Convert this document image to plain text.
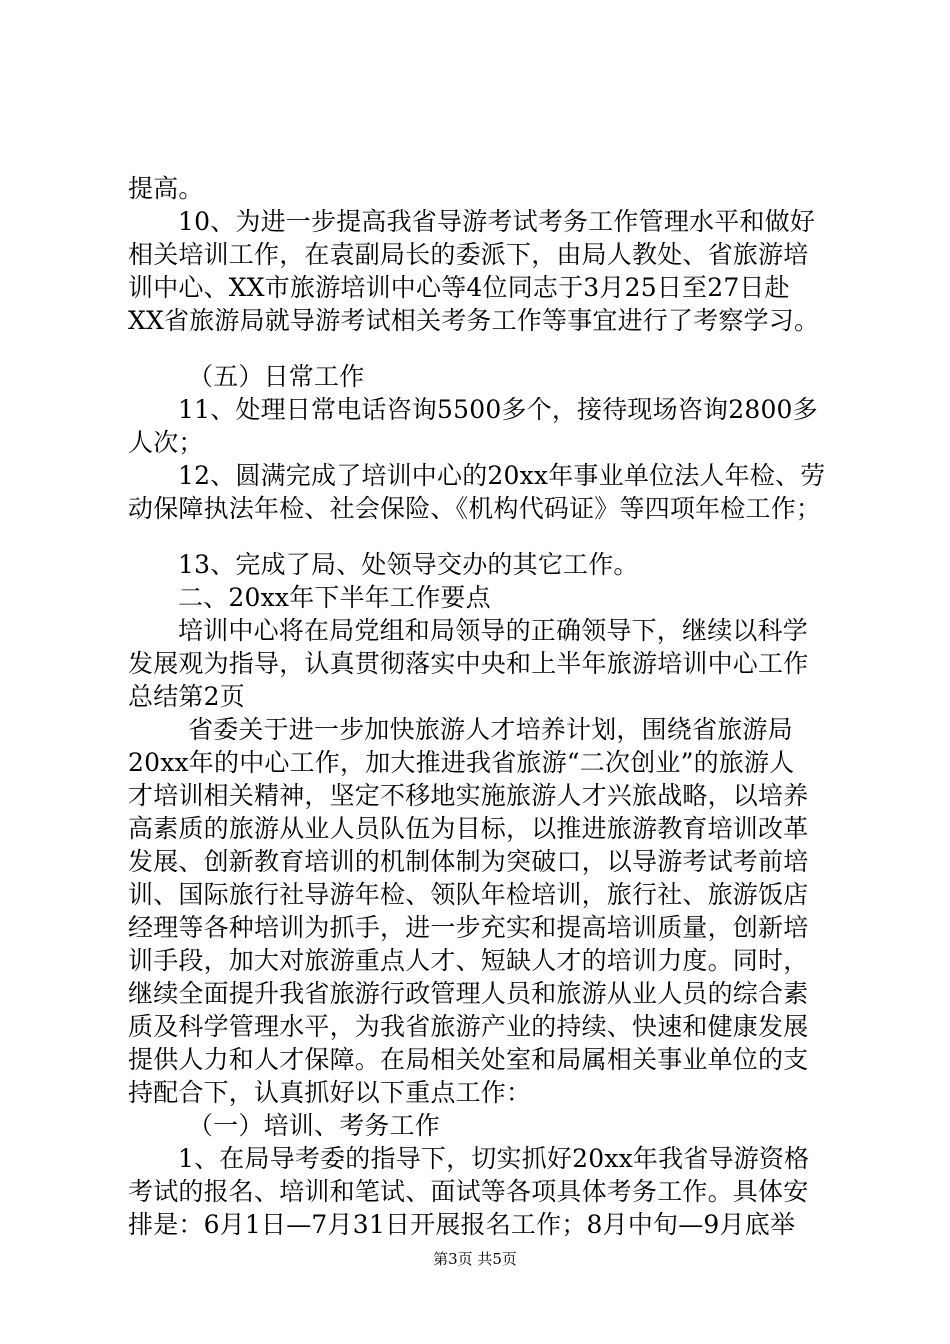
提高。
10、为进一步提高我省导游考试考务工作管理水平和做好
相关培训工作，在袁副局长的委派下，由局人教处、省旅游培
训中心、XX市旅游培训中心等4位同志于3月25日至27日赴
XX省旅游局就导游考试相关考务工作等事宜进行了考察学习。
（五）日常工作
11、处理日常电话咨询5500多个，接待现场咨询2800多
人次；
12、圆满完成了培训中心的20xx年事业单位法人年检、劳
动保障执法年检、社会保险、《机构代码证》等四项年检工作；
13、完成了局、处领导交办的其它工作。
二、20xx年下半年工作要点
培训中心将在局党组和局领导的正确领导下，继续以科学
发展观为指导，认真贯彻落实中央和上半年旅游培训中心工作
总结第2页
省委关于进一步加快旅游人才培养计划，围绕省旅游局
20xx年的中心工作，加大推进我省旅游“二次创业”的旅游人
才培训相关精神，坚定不移地实施旅游人才兴旅战略，以培养
高素质的旅游从业人员队伍为目标，以推进旅游教育培训改革
发展、创新教育培训的机制体制为突破口，以导游考试考前培
训、国际旅行社导游年检、领队年检培训，旅行社、旅游饭店
经理等各种培训为抓手，进一步充实和提高培训质量，创新培
训手段，加大对旅游重点人才、短缺人才的培训力度。同时，
继续全面提升我省旅游行政管理人员和旅游从业人员的综合素
质及科学管理水平，为我省旅游产业的持续、快速和健康发展
提供人力和人才保障。在局相关处室和局属相关事业单位的支
持配合下，认真抓好以下重点工作：
（一）培训、考务工作
1、在局导考委的指导下，切实抓好20xx年我省导游资格
考试的报名、培训和笔试、面试等各项具体考务工作。具体安
排是：6月1日—7月31日开展报名工作；8月中旬—9月底举
第3页 共5页
